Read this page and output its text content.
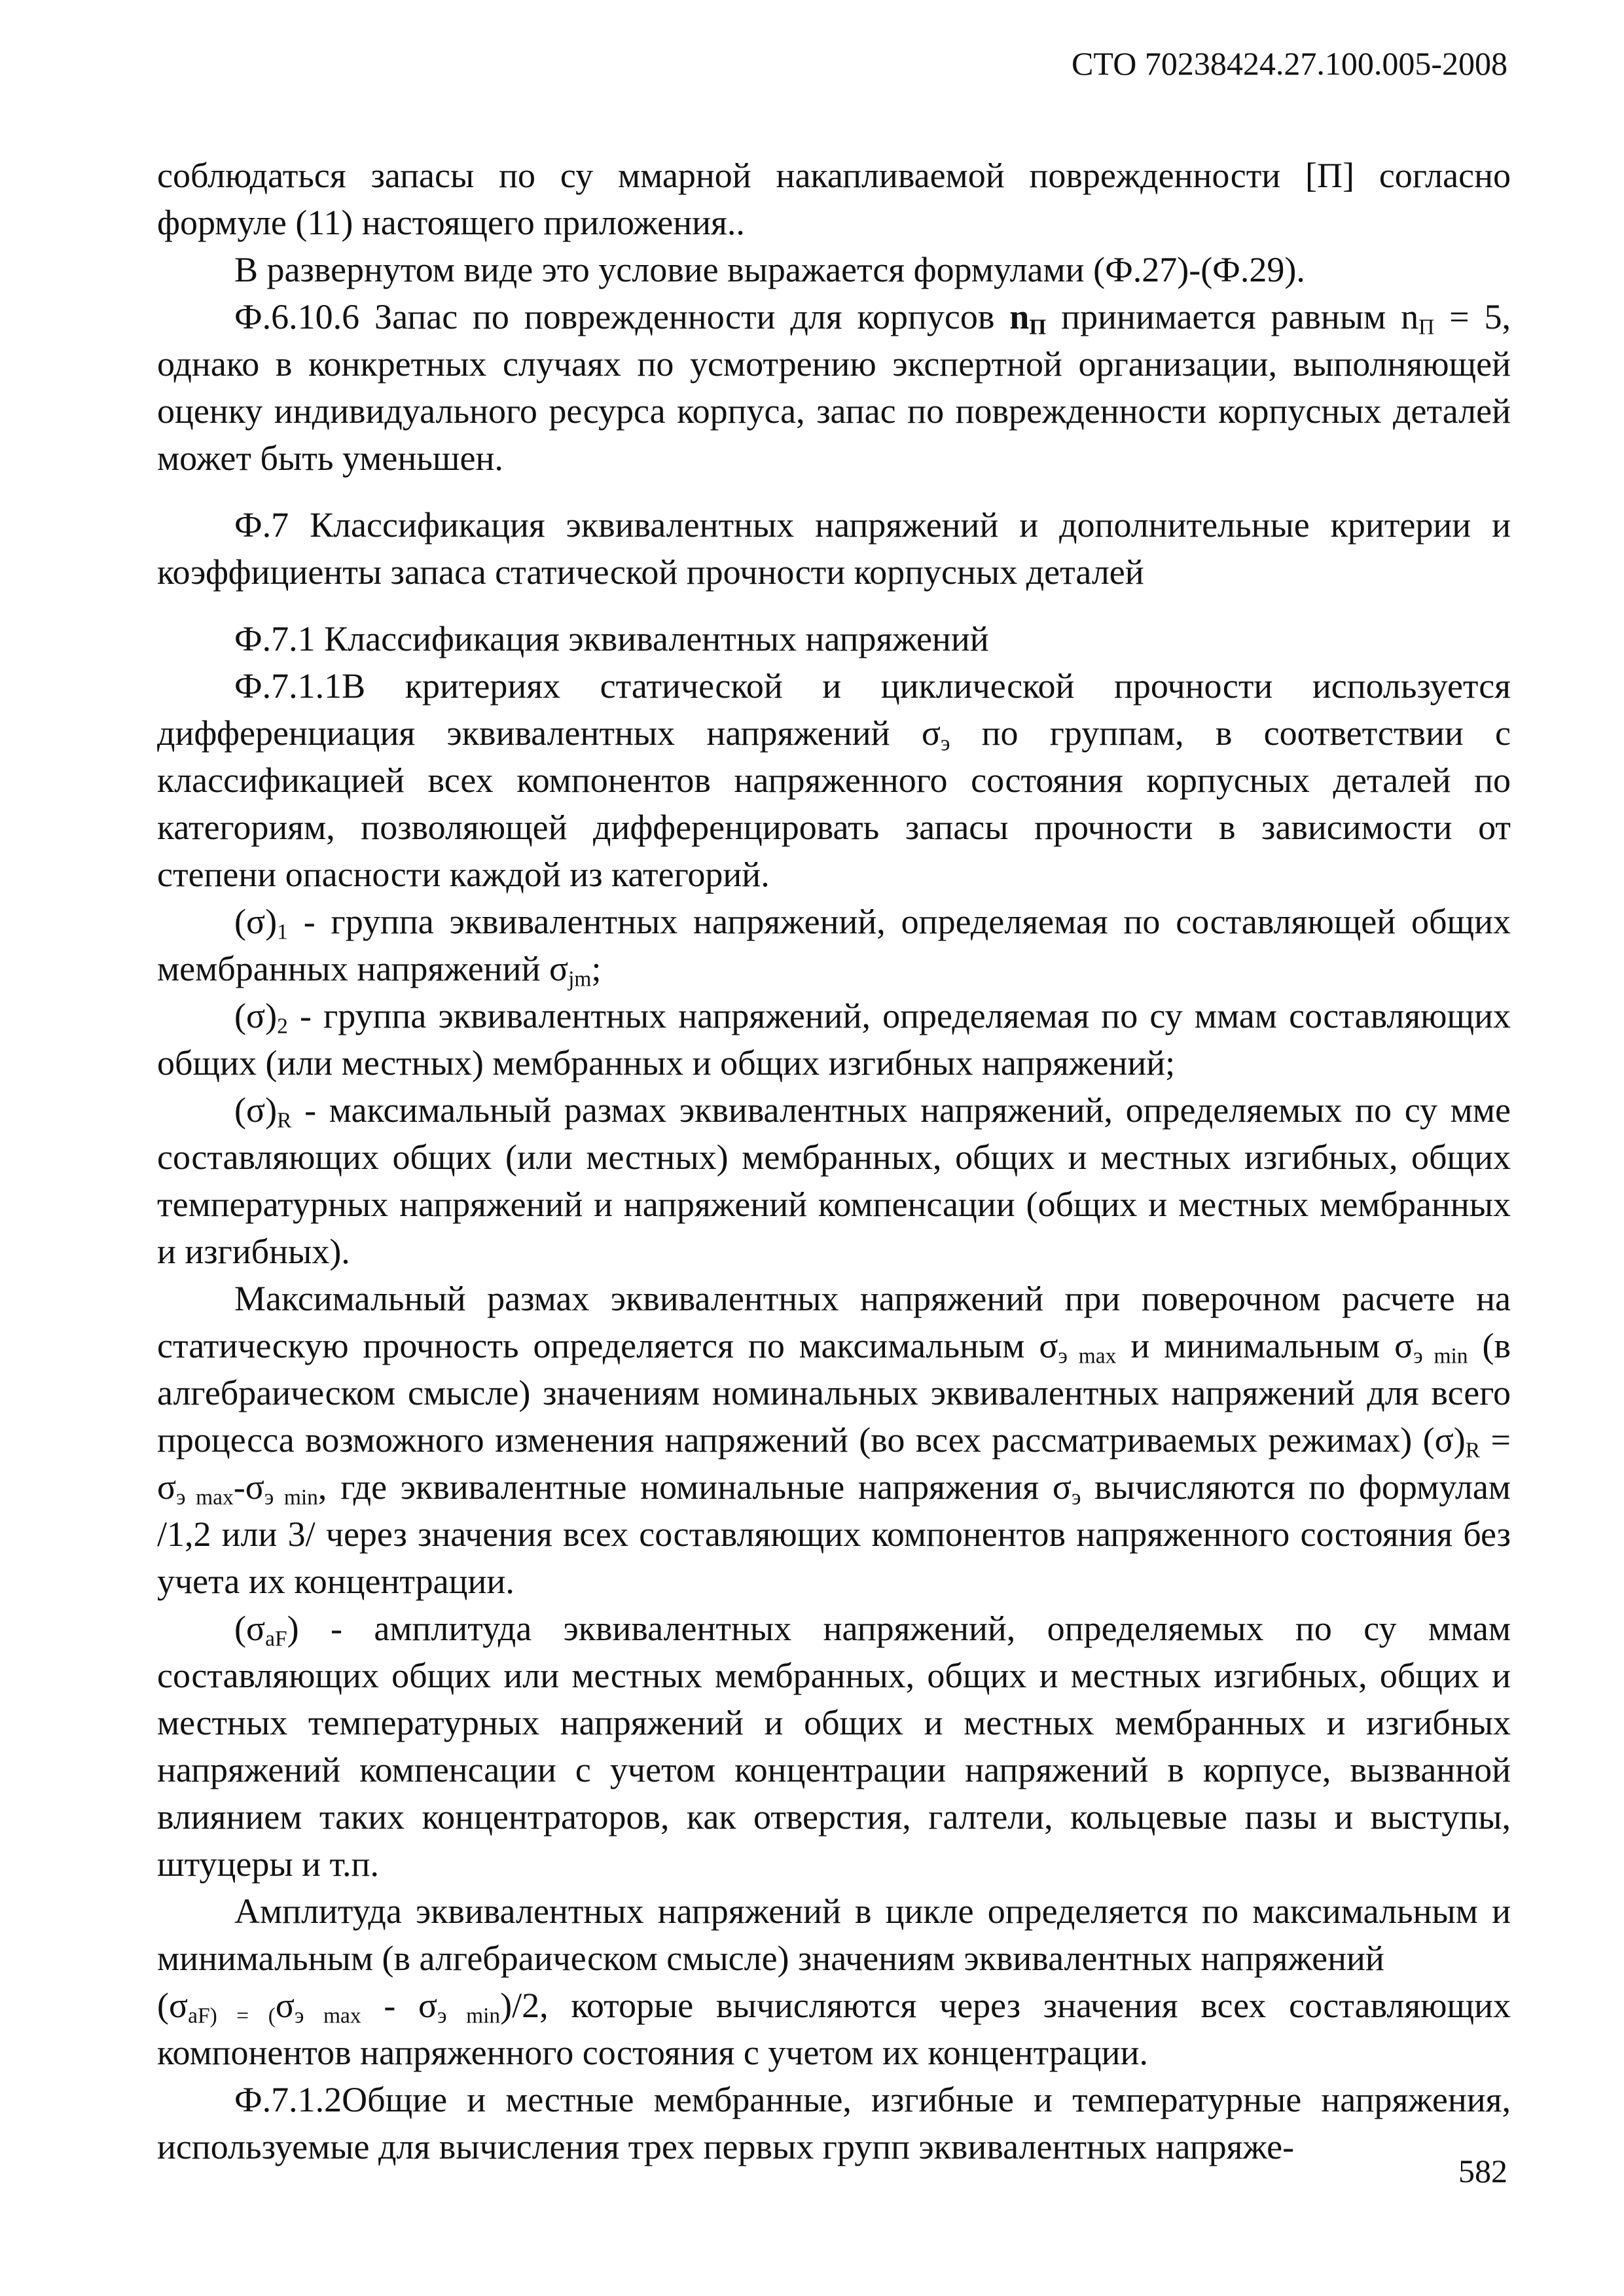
СТО 70238424.27.100.005-2008

соблюдаться запасы по су ммарной накапливаемой поврежденности [П] согласно формуле (11) настоящего приложения..

В развернутом виде это условие выражается формулами (Ф.27)-(Ф.29).

Ф.6.10.6 Запас по поврежденности для корпусов $n_П$ принимается равным $n_П = 5$, однако в конкретных случаях по усмотрению экспертной организации, выполняющей оценку индивидуального ресурса корпуса, запас по поврежденности корпусных деталей может быть уменьшен.

Ф.7 Классификация эквивалентных напряжений и дополнительные критерии и коэффициенты запаса статической прочности корпусных деталей

Ф.7.1 Классификация эквивалентных напряжений

Ф.7.1.1В критериях статической и циклической прочности используется дифференциация эквивалентных напряжений $\sigma_э$ по группам, в соответствии с классификацией всех компонентов напряженного состояния корпусных деталей по категориям, позволяющей дифференцировать запасы прочности в зависимости от степени опасности каждой из категорий.

$(\sigma)_1$ - группа эквивалентных напряжений, определяемая по составляющей общих мембранных напряжений $\sigma_{jm}$;

$(\sigma)_2$ - группа эквивалентных напряжений, определяемая по су ммам составляющих общих (или местных) мембранных и общих изгибных напряжений;

$(\sigma)_R$ - максимальный размах эквивалентных напряжений, определяемых по су мме составляющих общих (или местных) мембранных, общих и местных изгибных, общих температурных напряжений и напряжений компенсации (общих и местных мембранных и изгибных).

Максимальный размах эквивалентных напряжений при поверочном расчете на статическую прочность определяется по максимальным $\sigma_{э max}$ и минимальным $\sigma_{э min}$ (в алгебраическом смысле) значениям номинальных эквивалентных напряжений для всего процесса возможного изменения напряжений (во всех рассматриваемых режимах) $(\sigma)_R = \sigma_{э max}-\sigma_{э min}$, где эквивалентные номинальные напряжения $\sigma_э$ вычисляются по формулам /1,2 или 3/ через значения всех составляющих компонентов напряженного состояния без учета их концентрации.

$(\sigma_{aF})$ - амплитуда эквивалентных напряжений, определяемых по су ммам составляющих общих или местных мембранных, общих и местных изгибных, общих и местных температурных напряжений и общих и местных мембранных и изгибных напряжений компенсации с учетом концентрации напряжений в корпусе, вызванной влиянием таких концентраторов, как отверстия, галтели, кольцевые пазы и выступы, штуцеры и т.п.

Амплитуда эквивалентных напряжений в цикле определяется по максимальным и минимальным (в алгебраическом смысле) значениям эквивалентных напряжений

$(\sigma_{aF) = (}\sigma_{э max} - \sigma_{э min})/2$, которые вычисляются через значения всех составляющих компонентов напряженного состояния с учетом их концентрации.

Ф.7.1.2Общие и местные мембранные, изгибные и температурные напряжения, используемые для вычисления трех первых групп эквивалентных напряже-

582
